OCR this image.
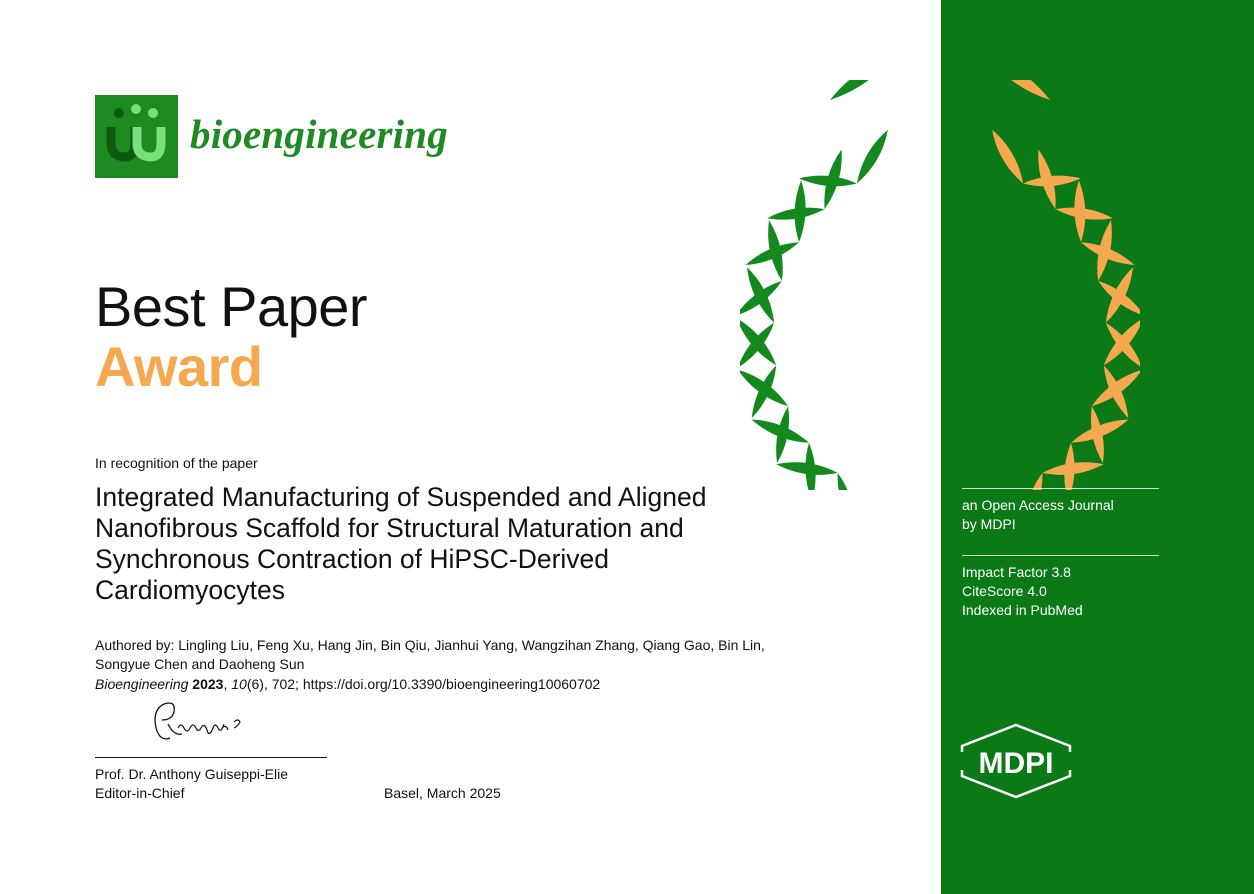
bioengineering
Best Paper
Award
In recognition of the paper
Integrated Manufacturing of Suspended and Aligned Nanofibrous Scaffold for Structural Maturation and Synchronous Contraction of HiPSC-Derived Cardiomyocytes
Authored by: Lingling Liu, Feng Xu, Hang Jin, Bin Qiu, Jianhui Yang, Wangzihan Zhang, Qiang Gao, Bin Lin, Songyue Chen and Daoheng Sun
Bioengineering 2023, 10(6), 702; https://doi.org/10.3390/bioengineering10060702
Prof. Dr. Anthony Guiseppi-Elie
Editor-in-Chief	Basel, March 2025
an Open Access Journal
by MDPI
Impact Factor 3.8
CiteScore 4.0
Indexed in PubMed
MDPI
